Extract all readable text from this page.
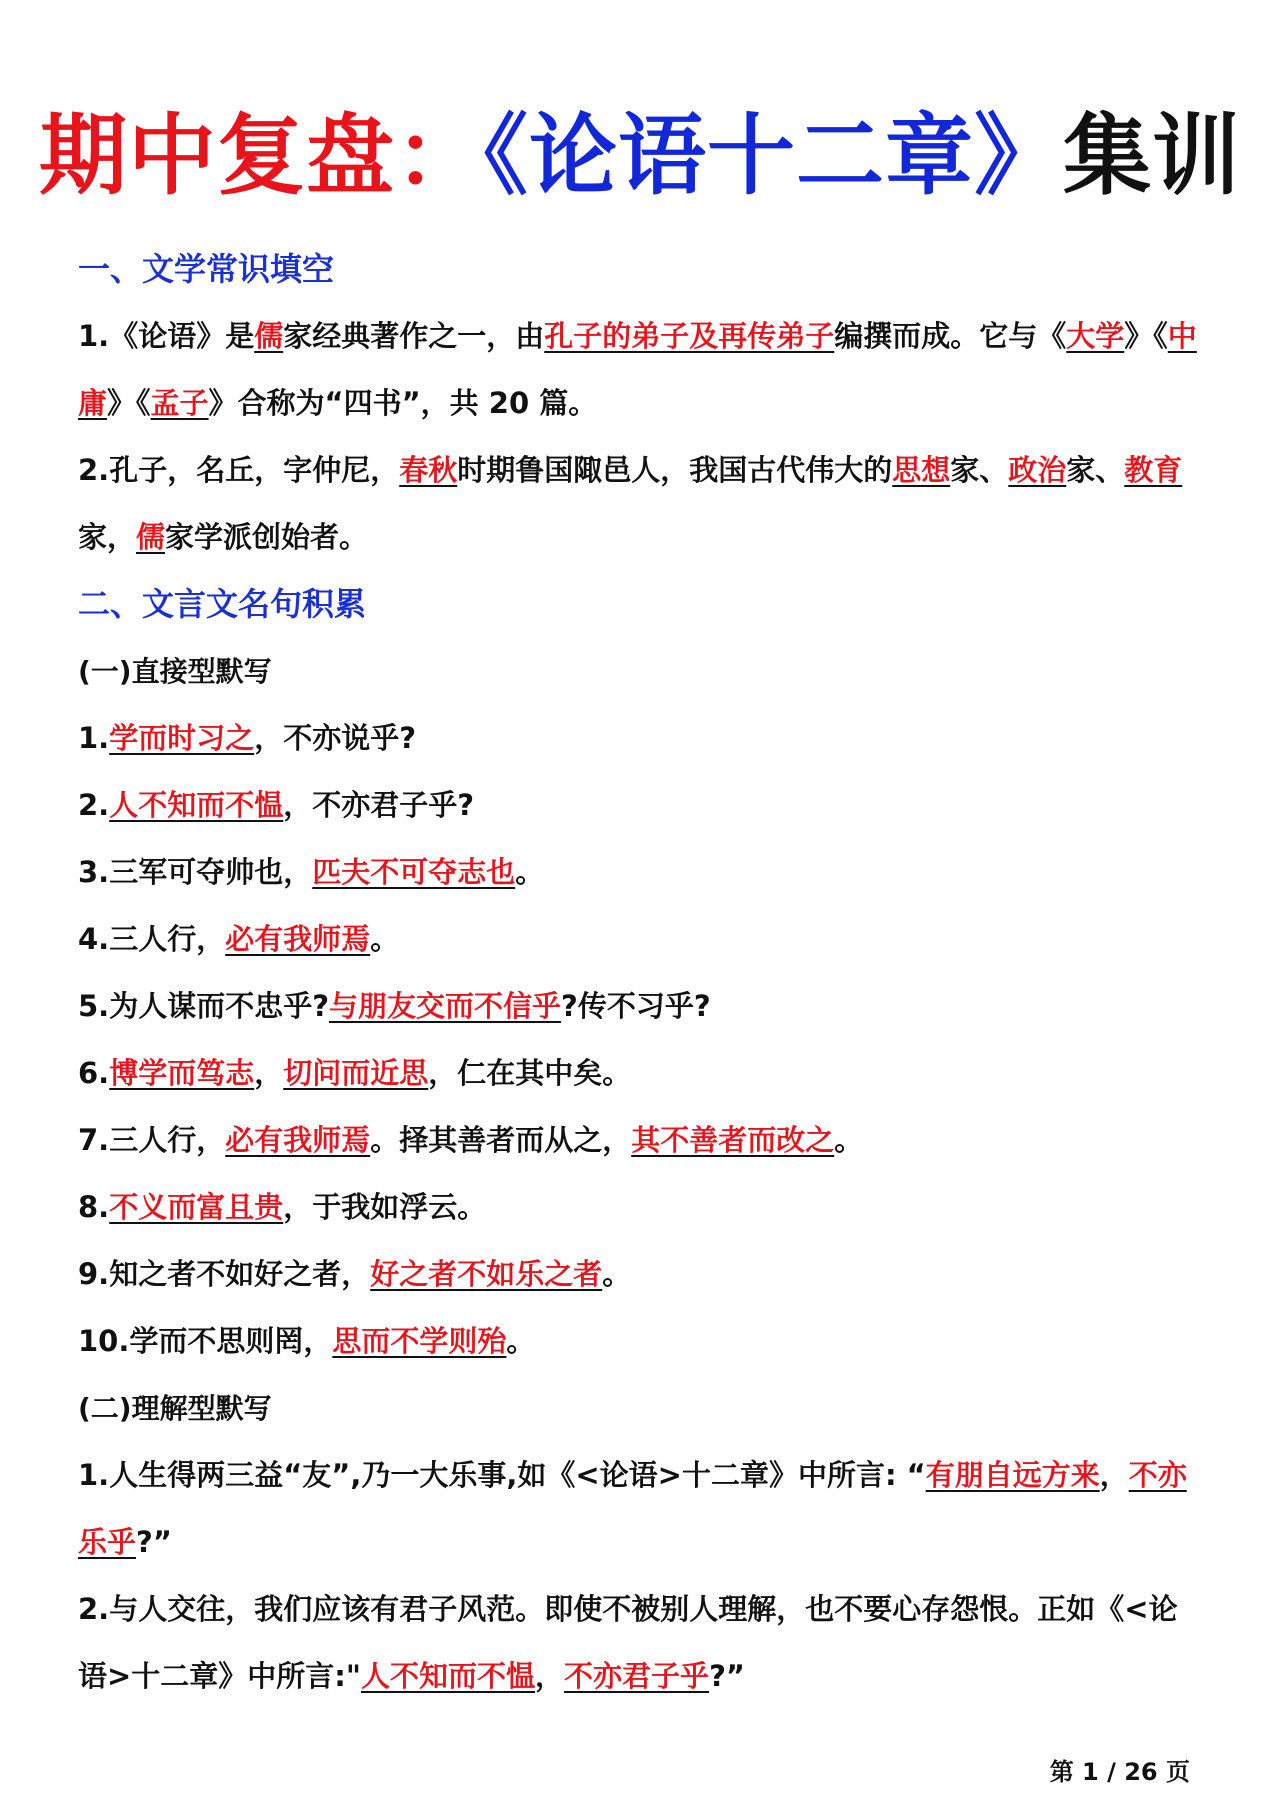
期中复盘：《论语十二章》集训
一、文学常识填空
1.《论语》是儒家经典著作之一，由孔子的弟子及再传弟子编撰而成。它与《大学》《中
庸》《孟子》合称为“四书”，共 20 篇。
2.孔子，名丘，字仲尼，春秋时期鲁国陬邑人，我国古代伟大的思想家、政治家、教育
家，儒家学派创始者。
二、文言文名句积累
(一)直接型默写
1.学而时习之，不亦说乎?
2.人不知而不愠，不亦君子乎?
3.三军可夺帅也，匹夫不可夺志也。
4.三人行，必有我师焉。
5.为人谋而不忠乎?与朋友交而不信乎?传不习乎?
6.博学而笃志，切问而近思，仁在其中矣。
7.三人行，必有我师焉。择其善者而从之，其不善者而改之。
8.不义而富且贵，于我如浮云。
9.知之者不如好之者，好之者不如乐之者。
10.学而不思则罔，思而不学则殆。
(二)理解型默写
1.人生得两三益“友”,乃一大乐事,如《<论语>十二章》中所言: “有朋自远方来，不亦
乐乎?”
2.与人交往，我们应该有君子风范。即使不被别人理解，也不要心存怨恨。正如《<论
语>十二章》中所言:"人不知而不愠，不亦君子乎?”
第 1 / 26 页
